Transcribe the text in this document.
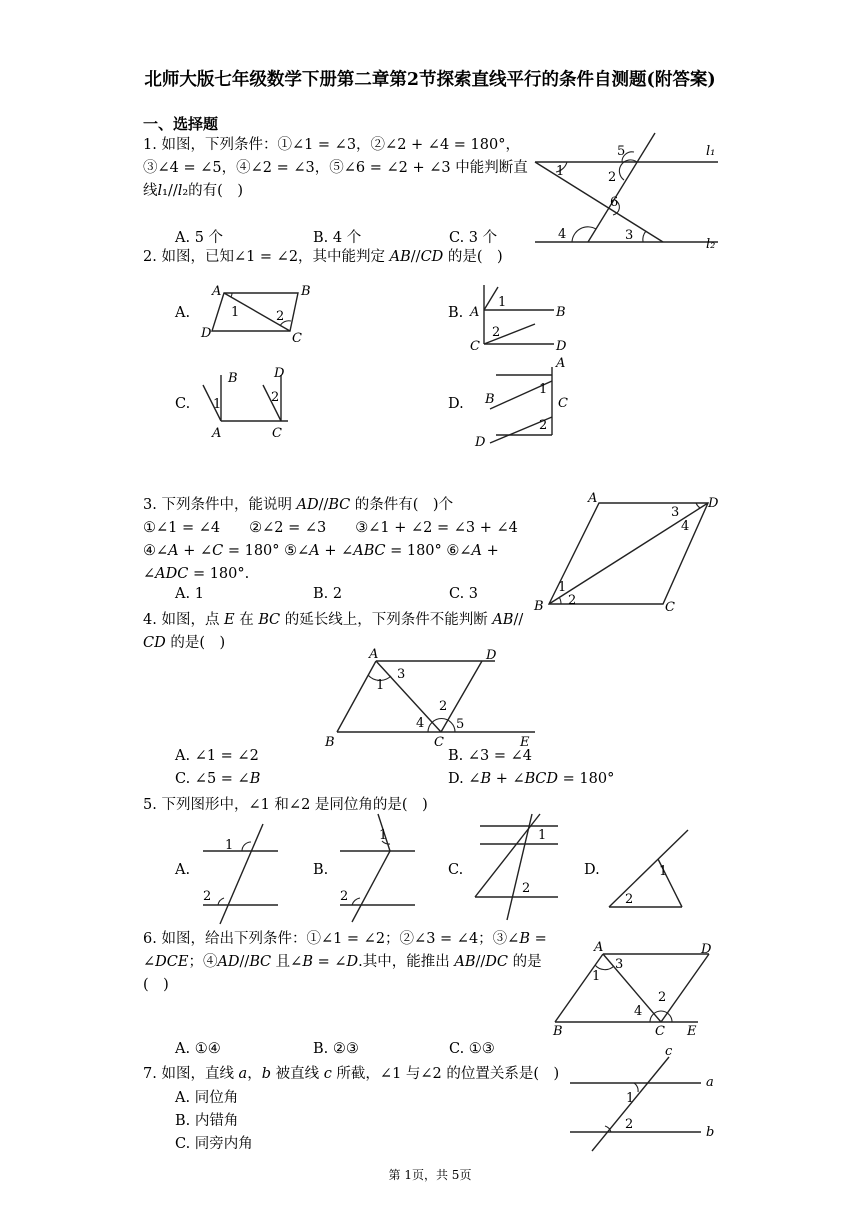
北师大版七年级数学下册第二章第2节探索直线平行的条件自测题(附答案)
一、选择题
1. 如图，下列条件：①∠1 = ∠3，②∠2 + ∠4 = 180°，
③∠4 = ∠5，④∠2 = ∠3，⑤∠6 = ∠2 + ∠3 中能判断直
线𝑙₁//𝑙₂的有(　)
A. 5 个	B. 4 个	C. 3 个
l₁
l₂
1	2
3
4
5
6
2. 如图，已知∠1 = ∠2，其中能判定 𝐴𝐵//𝐶𝐷 的是(　)
A.	B.
C.	D.
A	B
C
D
1	2	A	B
C	D
1
2
B	D
A	C
1	2
A
B	C
D
1
2
3. 下列条件中，能说明 𝐴𝐷//𝐵𝐶 的条件有(　)个
①∠1 = ∠4　　②∠2 = ∠3　　③∠1 + ∠2 = ∠3 + ∠4
④∠𝐴 + ∠𝐶 = 180° ⑤∠𝐴 + ∠𝐴𝐵𝐶 = 180° ⑥∠𝐴 +
∠𝐴𝐷𝐶 = 180°.
A. 1	B. 2	C. 3
A	D
B	C
1
2
3
4
4. 如图，点 𝐸 在 𝐵𝐶 的延长线上，下列条件不能判断 𝐴𝐵//
𝐶𝐷 的是(　)
A	D
B	C	E
1
3
2
4 5
A. ∠1 = ∠2	B. ∠3 = ∠4
C. ∠5 = ∠𝐵	D. ∠𝐵 + ∠𝐵𝐶𝐷 = 180°
5. 下列图形中，∠1 和∠2 是同位角的是(　)
A.	B.	C.	D.
1
2
1
2
1
2
1
2
6. 如图，给出下列条件：①∠1 = ∠2；②∠3 = ∠4；③∠𝐵 =
∠𝐷𝐶𝐸；④𝐴𝐷//𝐵𝐶 且∠𝐵 = ∠𝐷.其中，能推出 𝐴𝐵//𝐷𝐶 的是
(　)
A	D
B	C E
1
3
2
4
A. ①④	B. ②③	C. ①③
7. 如图，直线 𝑎，𝑏 被直线 𝑐 所截，∠1 与∠2 的位置关系是(　)
A. 同位角
B. 内错角
C. 同旁内角
c
a
b
1
2
第 1页，共 5页
